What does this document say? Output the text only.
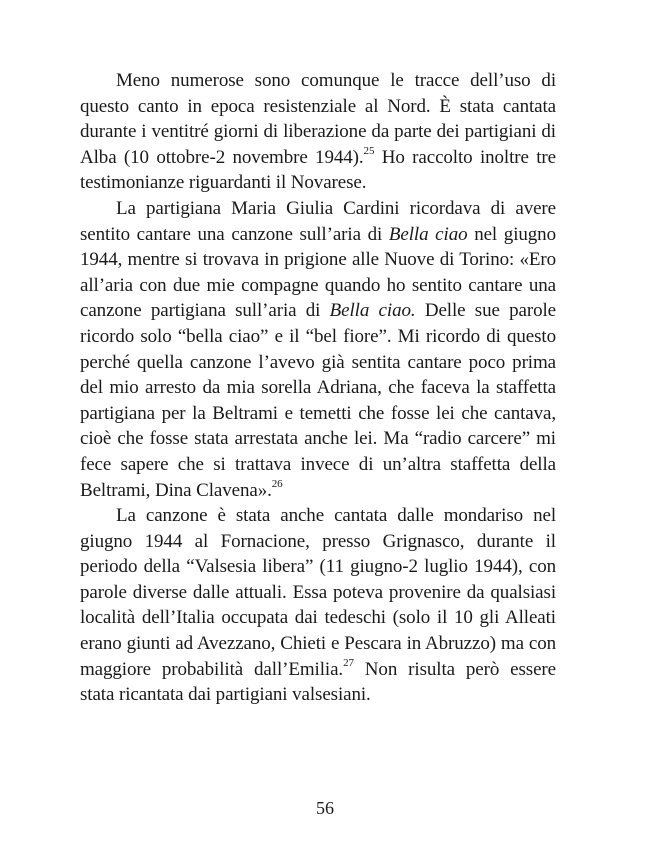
Meno numerose sono comunque le tracce dell’uso di questo canto in epoca resistenziale al Nord. È stata cantata durante i ventitré giorni di liberazione da parte dei partigiani di Alba (10 ottobre-2 novembre 1944).$^{25}$ Ho raccolto inoltre tre testimonianze riguardanti il Novarese.

La partigiana Maria Giulia Cardini ricordava di avere sentito cantare una canzone sull’aria di Bella ciao nel giugno 1944, mentre si trovava in prigione alle Nuove di Torino: «Ero all’aria con due mie compagne quando ho sentito cantare una canzone partigiana sull’aria di Bella ciao. Delle sue parole ricordo solo “bella ciao” e il “bel fiore”. Mi ricordo di questo perché quella canzone l’avevo già sentita cantare poco prima del mio arresto da mia sorella Adriana, che faceva la staffetta partigiana per la Beltrami e temetti che fosse lei che cantava, cioè che fosse stata arrestata anche lei. Ma “radio carcere” mi fece sapere che si trattava invece di un’altra staffetta della Beltrami, Dina Clavena».$^{26}$

La canzone è stata anche cantata dalle mondariso nel giugno 1944 al Fornacione, presso Grignasco, durante il periodo della “Valsesia libera” (11 giugno-2 luglio 1944), con parole diverse dalle attuali. Essa poteva provenire da qualsiasi località dell’Italia occupata dai tedeschi (solo il 10 gli Alleati erano giunti ad Avezzano, Chieti e Pescara in Abruzzo) ma con maggiore probabilità dall’Emilia.$^{27}$ Non risulta però essere stata ricantata dai partigiani valsesiani.

56
